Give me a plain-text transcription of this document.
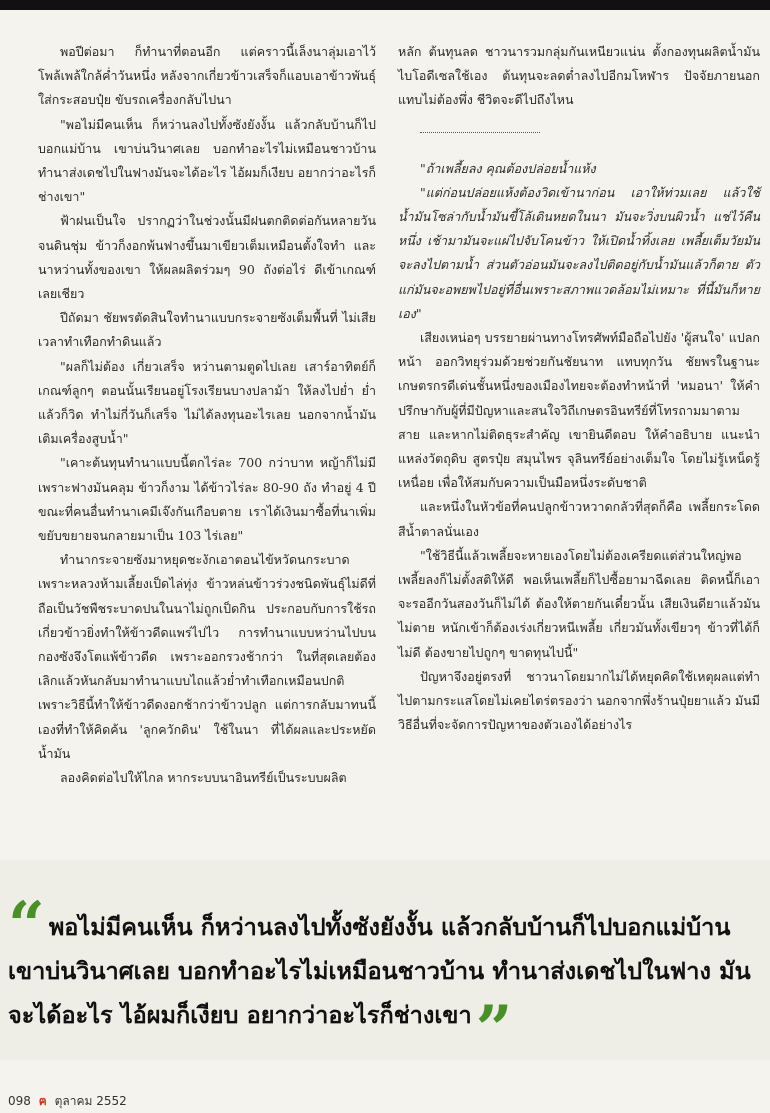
พอปีต่อมา ก็ทำนาที่ตอนอีก แต่คราวนี้เล็งนาลุ่มเอาไว้ โพล้เพล้ใกล้ค่ำวันหนึ่ง หลังจากเกี่ยวข้าวเสร็จก็แอบเอาข้าวพันธุ์ใส่กระสอบปุ๋ย ขับรถเครื่องกลับไปนา

"พอไม่มีคนเห็น ก็หว่านลงไปทั้งซังยังงั้น แล้วกลับบ้านก็ไปบอกแม่บ้าน เขาบ่นวินาศเลย บอกทำอะไรไม่เหมือนชาวบ้าน ทำนาส่งเดชไปในฟางมันจะได้อะไร ไอ้ผมก็เงียบ อยากว่าอะไรก็ช่างเขา"

ฟ้าฝนเป็นใจ ปรากฏว่าในช่วงนั้นมีฝนตกติดต่อกันหลายวันจนดินชุ่ม ข้าวก็งอกพ้นฟางขึ้นมาเขียวเต็มเหมือนตั้งใจทำ และนาหว่านทั้งของเขา ให้ผลผลิตร่วมๆ 90 ถังต่อไร่ ดีเข้าเกณฑ์เลยเชียว

ปีถัดมา ชัยพรตัดสินใจทำนาแบบกระจายซังเต็มพื้นที่ ไม่เสียเวลาทำเทือกทำดินแล้ว

"ผลก็ไม่ต้อง เกี่ยวเสร็จ หว่านตามตูดไปเลย เสาร์อาทิตย์ก็เกณฑ์ลูกๆ ตอนนั้นเรียนอยู่โรงเรียนบางปลาม้า ให้ลงไปย่ำ ย่ำแล้วก็วิด ทำไม่กี่วันก็เสร็จ ไม่ได้ลงทุนอะไรเลย นอกจากน้ำมันเติมเครื่องสูบน้ำ"

"เคาะต้นทุนทำนาแบบนี้ตกไร่ละ 700 กว่าบาท หญ้าก็ไม่มี เพราะฟางมันคลุม ข้าวก็งาม ได้ข้าวไร่ละ 80-90 ถัง ทำอยู่ 4 ปี ขณะที่คนอื่นทำนาเคมีเจ๊งกันเกือบตาย เราได้เงินมาซื้อที่นาเพิ่ม ขยับขยายจนกลายมาเป็น 103 ไร่เลย"

ทำนากระจายซังมาหยุดชะงักเอาตอนไข้หวัดนกระบาด เพราะหลวงห้ามเลี้ยงเป็ดไล่ทุ่ง ข้าวหล่นข้าวร่วงชนิดพันธุ์ไม่ดีที่ถือเป็นวัชพืชระบาดปนในนาไม่ถูกเป็ดกิน ประกอบกับการใช้รถเกี่ยวข้าวยิ่งทำให้ข้าวดีดแพร่ไปไว การทำนาแบบหว่านไปบนกองซังจึงโตแพ้ข้าวดีด เพราะออกรวงช้ากว่า ในที่สุดเลยต้องเลิกแล้วหันกลับมาทำนาแบบไถแล้วย่ำทำเทือกเหมือนปกติ เพราะวิธีนี้ทำให้ข้าวดีดงอกช้ากว่าข้าวปลูก แต่การกลับมาทนนี้เองที่ทำให้คิดค้น 'ลูกควักดิน' ใช้ในนา ที่ได้ผลและประหยัดน้ำมัน

ลองคิดต่อไปให้ไกล หากระบบนาอินทรีย์เป็นระบบผลิต

หลัก ต้นทุนลด ชาวนารวมกลุ่มกันเหนียวแน่น ตั้งกองทุนผลิตน้ำมันไบโอดีเซลใช้เอง ต้นทุนจะลดต่ำลงไปอีกมโหฬาร ปัจจัยภายนอกแทบไม่ต้องพึ่ง ชีวิตจะดีไปถึงไหน

"ถ้าเพลี้ยลง คุณต้องปล่อยน้ำแห้ง

"แต่ก่อนปล่อยแห้งต้องวิดเข้านาก่อน เอาให้ท่วมเลย แล้วใช้น้ำมันโซล่ากับน้ำมันขี้โล้เดินหยดในนา มันจะวิ่งบนผิวน้ำ แช่ไว้คืนหนึ่ง เช้ามามันจะแผ่ไปจับโคนข้าว ให้เปิดน้ำทิ้งเลย เพลี้ยเต็มวัยมันจะลงไปตามน้ำ ส่วนตัวอ่อนมันจะลงไปติดอยู่กับน้ำมันแล้วก็ตาย ตัวแก่มันจะอพยพไปอยู่ที่อื่นเพราะสภาพแวดล้อมไม่เหมาะ ที่นี้มันก็หายเอง"

เสียงเหน่อๆ บรรยายผ่านทางโทรศัพท์มือถือไปยัง 'ผู้สนใจ' แปลกหน้า ออกวิทยุร่วมด้วยช่วยกันชัยนาท แทบทุกวัน ชัยพรในฐานะเกษตรกรดีเด่นชั้นหนึ่งของเมืองไทยจะต้องทำหน้าที่ 'หมอนา' ให้คำปรึกษากับผู้ที่มีปัญหาและสนใจวิถีเกษตรอินทรีย์ที่โทรถามมาตามสาย และหากไม่ติดธุระสำคัญ เขายินดีตอบ ให้คำอธิบาย แนะนำแหล่งวัตถุดิบ สูตรปุ๋ย สมุนไพร จุลินทรีย์อย่างเต็มใจ โดยไม่รู้เหน็ดรู้เหนื่อย เพื่อให้สมกับความเป็นมือหนึ่งระดับชาติ

และหนึ่งในหัวข้อที่คนปลูกข้าวหวาดกลัวที่สุดก็คือ เพลี้ยกระโดดสีน้ำตาลนั่นเอง

"ใช้วิธีนี้แล้วเพลี้ยจะหายเองโดยไม่ต้องเครียดแต่ส่วนใหญ่พอเพลี้ยลงก็ไม่ตั้งสติให้ดี พอเห็นเพลี้ยก็ไปซื้อยามาฉีดเลย ติดหนี้ก็เอา จะรออีกวันสองวันก็ไม่ได้ ต้องให้ตายกันเดี๋ยวนั้น เสียเงินดียาแล้วมันไม่ตาย หนักเข้าก็ต้องเร่งเกี่ยวหนีเพลี้ย เกี่ยวมันทั้งเขียวๆ ข้าวที่ได้ก็ไม่ดี ต้องขายไปถูกๆ ขาดทุนไปนี้"

ปัญหาจึงอยู่ตรงที่ ชาวนาโดยมากไม่ได้หยุดคิดใช้เหตุผลแต่ทำไปตามกระแสโดยไม่เคยไตร่ตรองว่า นอกจากพึ่งร้านปุ๋ยยาแล้ว มันมีวิธีอื่นที่จะจัดการปัญหาของตัวเองได้อย่างไร

“ พอไม่มีคนเห็น ก็หว่านลงไปทั้งซังยังงั้น แล้วกลับบ้านก็ไปบอกแม่บ้าน เขาบ่นวินาศเลย บอกทำอะไรไม่เหมือนชาวบ้าน ทำนาส่งเดชไปในฟาง มันจะได้อะไร ไอ้ผมก็เงียบ อยากว่าอะไรก็ช่างเขา”
098 ฅ ตุลาคม 2552
